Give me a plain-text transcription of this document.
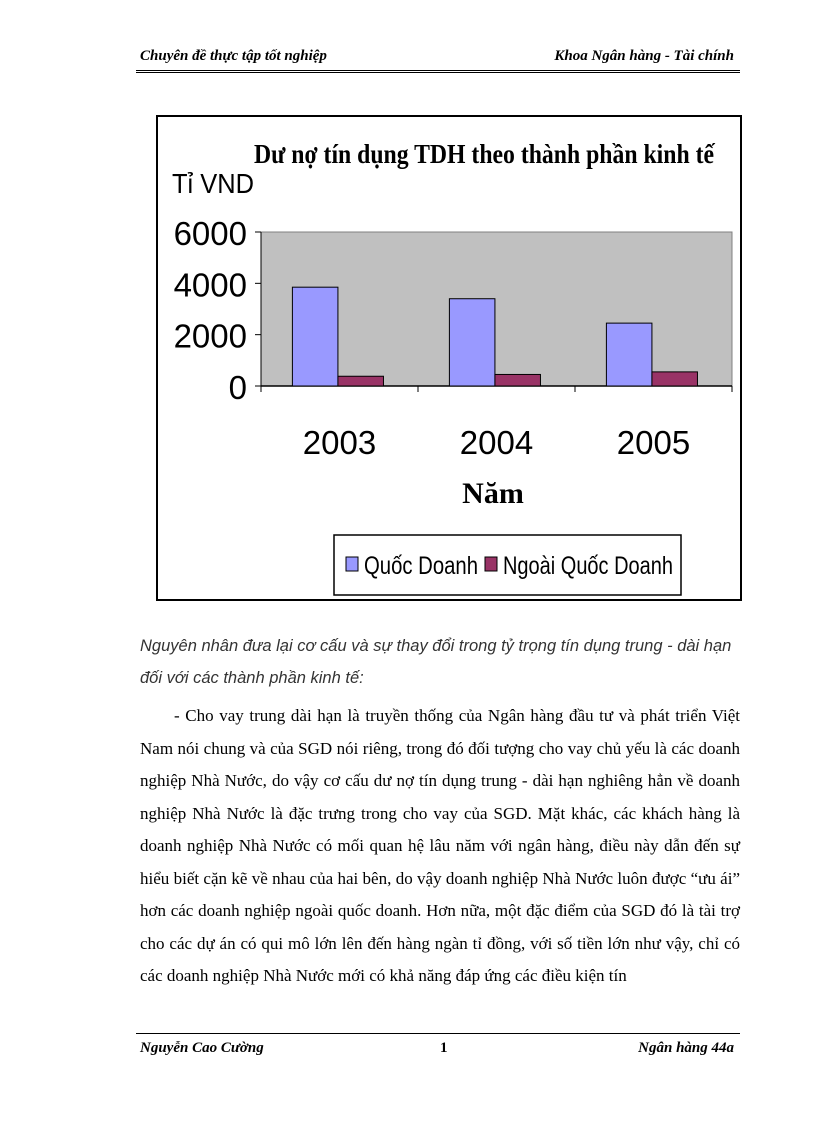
Chuyên đề thực tập tốt nghiệp	Khoa Ngân hàng - Tài chính
Dư nợ tín dụng TDH theo thành phần kinh tế
Tỉ VND
0
2000
4000
6000
2003	2004	2005
Năm
Quốc Doanh Ngoài Quốc Doanh
Nguyên nhân đưa lại cơ cấu và sự thay đổi trong tỷ trọng tín dụng trung - dài hạn đối với các thành phần kinh tế:
- Cho vay trung dài hạn là truyền thống của Ngân hàng đầu tư và phát triển Việt Nam nói chung và của SGD nói riêng, trong đó đối tượng cho vay chủ yếu là các doanh nghiệp Nhà Nước, do vậy cơ cấu dư nợ tín dụng trung - dài hạn nghiêng hẳn về doanh nghiệp Nhà Nước là đặc trưng trong cho vay của SGD. Mặt khác, các khách hàng là doanh nghiệp Nhà Nước có mối quan hệ lâu năm với ngân hàng, điều này dẫn đến sự hiểu biết cặn kẽ về nhau của hai bên, do vậy doanh nghiệp Nhà Nước luôn được “ưu ái” hơn các doanh nghiệp ngoài quốc doanh. Hơn nữa, một đặc điểm của SGD đó là tài trợ cho các dự án có qui mô lớn lên đến hàng ngàn tỉ đồng, với số tiền lớn như vậy, chỉ có các doanh nghiệp Nhà Nước mới có khả năng đáp ứng các điều kiện tín
Nguyễn Cao Cường	1	Ngân hàng 44a
